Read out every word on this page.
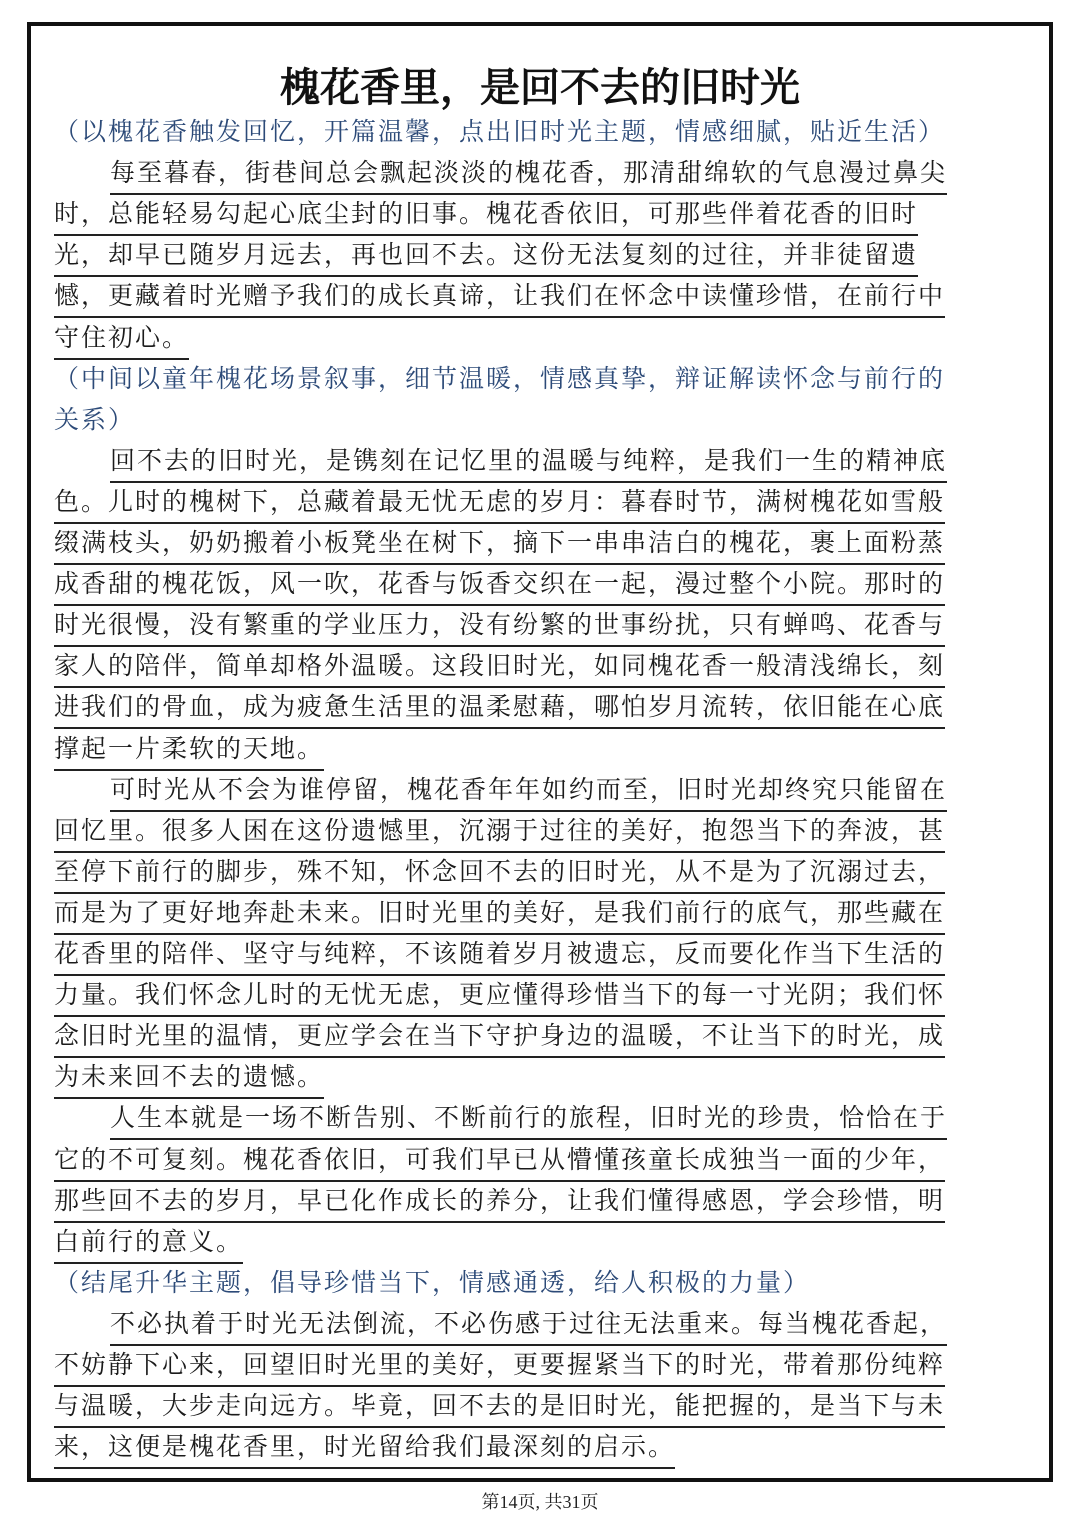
槐花香里，是回不去的旧时光
（以槐花香触发回忆，开篇温馨，点出旧时光主题，情感细腻，贴近生活）
每至暮春，街巷间总会飘起淡淡的槐花香，那清甜绵软的气息漫过鼻尖
时，总能轻易勾起心底尘封的旧事。槐花香依旧，可那些伴着花香的旧时
光，却早已随岁月远去，再也回不去。这份无法复刻的过往，并非徒留遗
憾，更藏着时光赠予我们的成长真谛，让我们在怀念中读懂珍惜，在前行中
守住初心。
（中间以童年槐花场景叙事，细节温暖，情感真挚，辩证解读怀念与前行的
关系）
回不去的旧时光，是镌刻在记忆里的温暖与纯粹，是我们一生的精神底
色。儿时的槐树下，总藏着最无忧无虑的岁月：暮春时节，满树槐花如雪般
缀满枝头，奶奶搬着小板凳坐在树下，摘下一串串洁白的槐花，裹上面粉蒸
成香甜的槐花饭，风一吹，花香与饭香交织在一起，漫过整个小院。那时的
时光很慢，没有繁重的学业压力，没有纷繁的世事纷扰，只有蝉鸣、花香与
家人的陪伴，简单却格外温暖。这段旧时光，如同槐花香一般清浅绵长，刻
进我们的骨血，成为疲惫生活里的温柔慰藉，哪怕岁月流转，依旧能在心底
撑起一片柔软的天地。
可时光从不会为谁停留，槐花香年年如约而至，旧时光却终究只能留在
回忆里。很多人困在这份遗憾里，沉溺于过往的美好，抱怨当下的奔波，甚
至停下前行的脚步，殊不知，怀念回不去的旧时光，从不是为了沉溺过去，
而是为了更好地奔赴未来。旧时光里的美好，是我们前行的底气，那些藏在
花香里的陪伴、坚守与纯粹，不该随着岁月被遗忘，反而要化作当下生活的
力量。我们怀念儿时的无忧无虑，更应懂得珍惜当下的每一寸光阴；我们怀
念旧时光里的温情，更应学会在当下守护身边的温暖，不让当下的时光，成
为未来回不去的遗憾。
人生本就是一场不断告别、不断前行的旅程，旧时光的珍贵，恰恰在于
它的不可复刻。槐花香依旧，可我们早已从懵懂孩童长成独当一面的少年，
那些回不去的岁月，早已化作成长的养分，让我们懂得感恩，学会珍惜，明
白前行的意义。
（结尾升华主题，倡导珍惜当下，情感通透，给人积极的力量）
不必执着于时光无法倒流，不必伤感于过往无法重来。每当槐花香起，
不妨静下心来，回望旧时光里的美好，更要握紧当下的时光，带着那份纯粹
与温暖，大步走向远方。毕竟，回不去的是旧时光，能把握的，是当下与未
来，这便是槐花香里，时光留给我们最深刻的启示。
第14页, 共31页
